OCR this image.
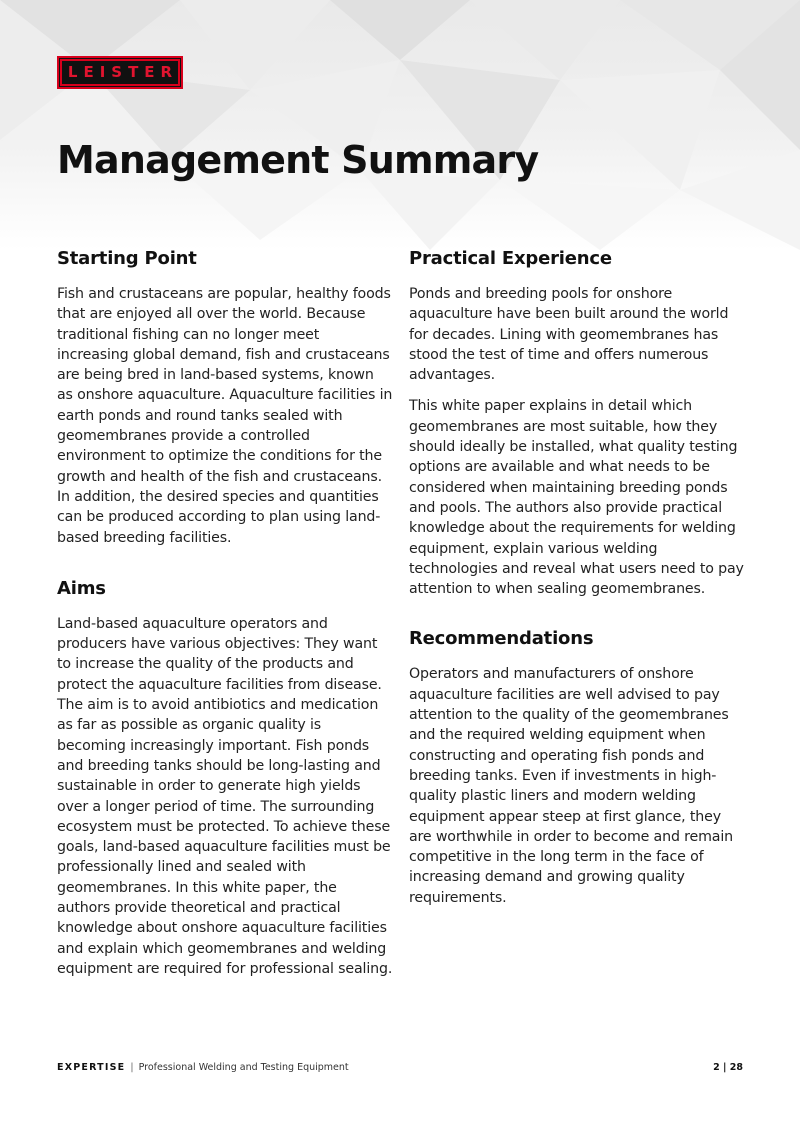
LEISTER
Management Summary
Starting Point

Fish and crustaceans are popular, healthy foods that are enjoyed all over the world. Because traditional fishing can no longer meet increasing global demand, fish and crustaceans are being bred in land-based systems, known as onshore aquaculture. Aquaculture facilities in earth ponds and round tanks sealed with geomembranes provide a controlled environment to optimize the conditions for the growth and health of the fish and crustaceans. In addition, the desired species and quantities can be produced according to plan using land-based breeding facilities.

Aims

Land-based aquaculture operators and producers have various objectives: They want to increase the quality of the products and protect the aquaculture facilities from disease. The aim is to avoid antibiotics and medication as far as possible as organic quality is becoming increasingly important. Fish ponds and breeding tanks should be long-lasting and sustainable in order to generate high yields over a longer period of time. The surrounding ecosystem must be protected. To achieve these goals, land-based aquaculture facilities must be professionally lined and sealed with geomembranes. In this white paper, the authors provide theoretical and practical knowledge about onshore aquaculture facilities and explain which geomembranes and welding equipment are required for professional sealing.

Practical Experience

Ponds and breeding pools for onshore aquaculture have been built around the world for decades. Lining with geomembranes has stood the test of time and offers numerous advantages.

This white paper explains in detail which geomembranes are most suitable, how they should ideally be installed, what quality testing options are available and what needs to be considered when maintaining breeding ponds and pools. The authors also provide practical knowledge about the requirements for welding equipment, explain various welding technologies and reveal what users need to pay attention to when sealing geomembranes.

Recommendations

Operators and manufacturers of onshore aquaculture facilities are well advised to pay attention to the quality of the geomembranes and the required welding equipment when constructing and operating fish ponds and breeding tanks. Even if investments in high-quality plastic liners and modern welding equipment appear steep at first glance, they are worthwhile in order to become and remain competitive in the long term in the face of increasing demand and growing quality requirements.

EXPERTISE | Professional Welding and Testing Equipment	2 | 28
